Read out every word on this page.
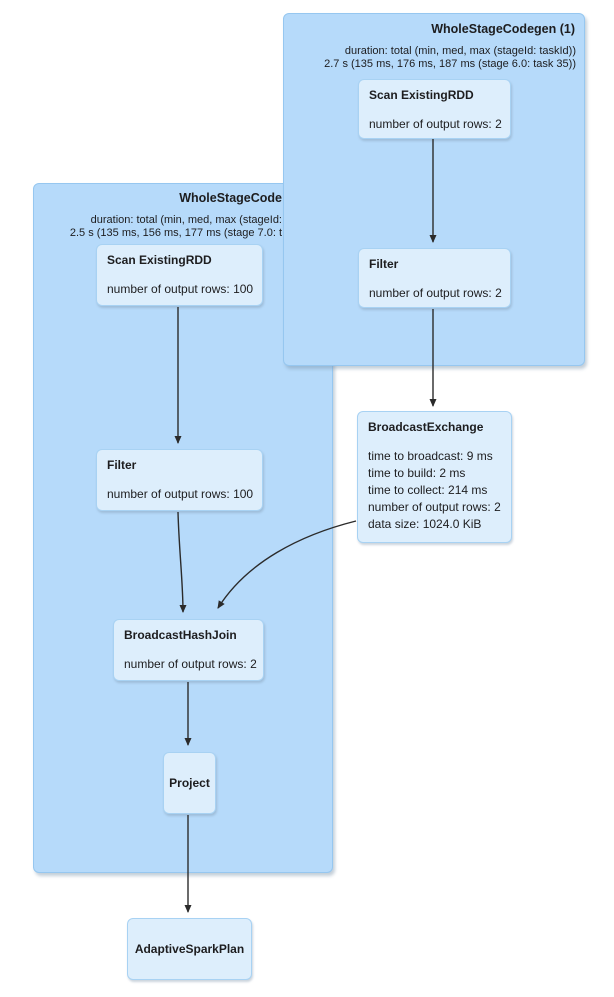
WholeStageCode
duration: total (min, med, max (stageId:
2.5 s (135 ms, 156 ms, 177 ms (stage 7.0: t
Scan ExistingRDD
number of output rows: 100
Filter
number of output rows: 100
BroadcastHashJoin
number of output rows: 2
Project
WholeStageCodegen (1)
duration: total (min, med, max (stageId: taskId))
2.7 s (135 ms, 176 ms, 187 ms (stage 6.0: task 35))
Scan ExistingRDD
number of output rows: 2
Filter
number of output rows: 2
BroadcastExchange
time to broadcast: 9 ms
time to build: 2 ms
time to collect: 214 ms
number of output rows: 2
data size: 1024.0 KiB
AdaptiveSparkPlan
